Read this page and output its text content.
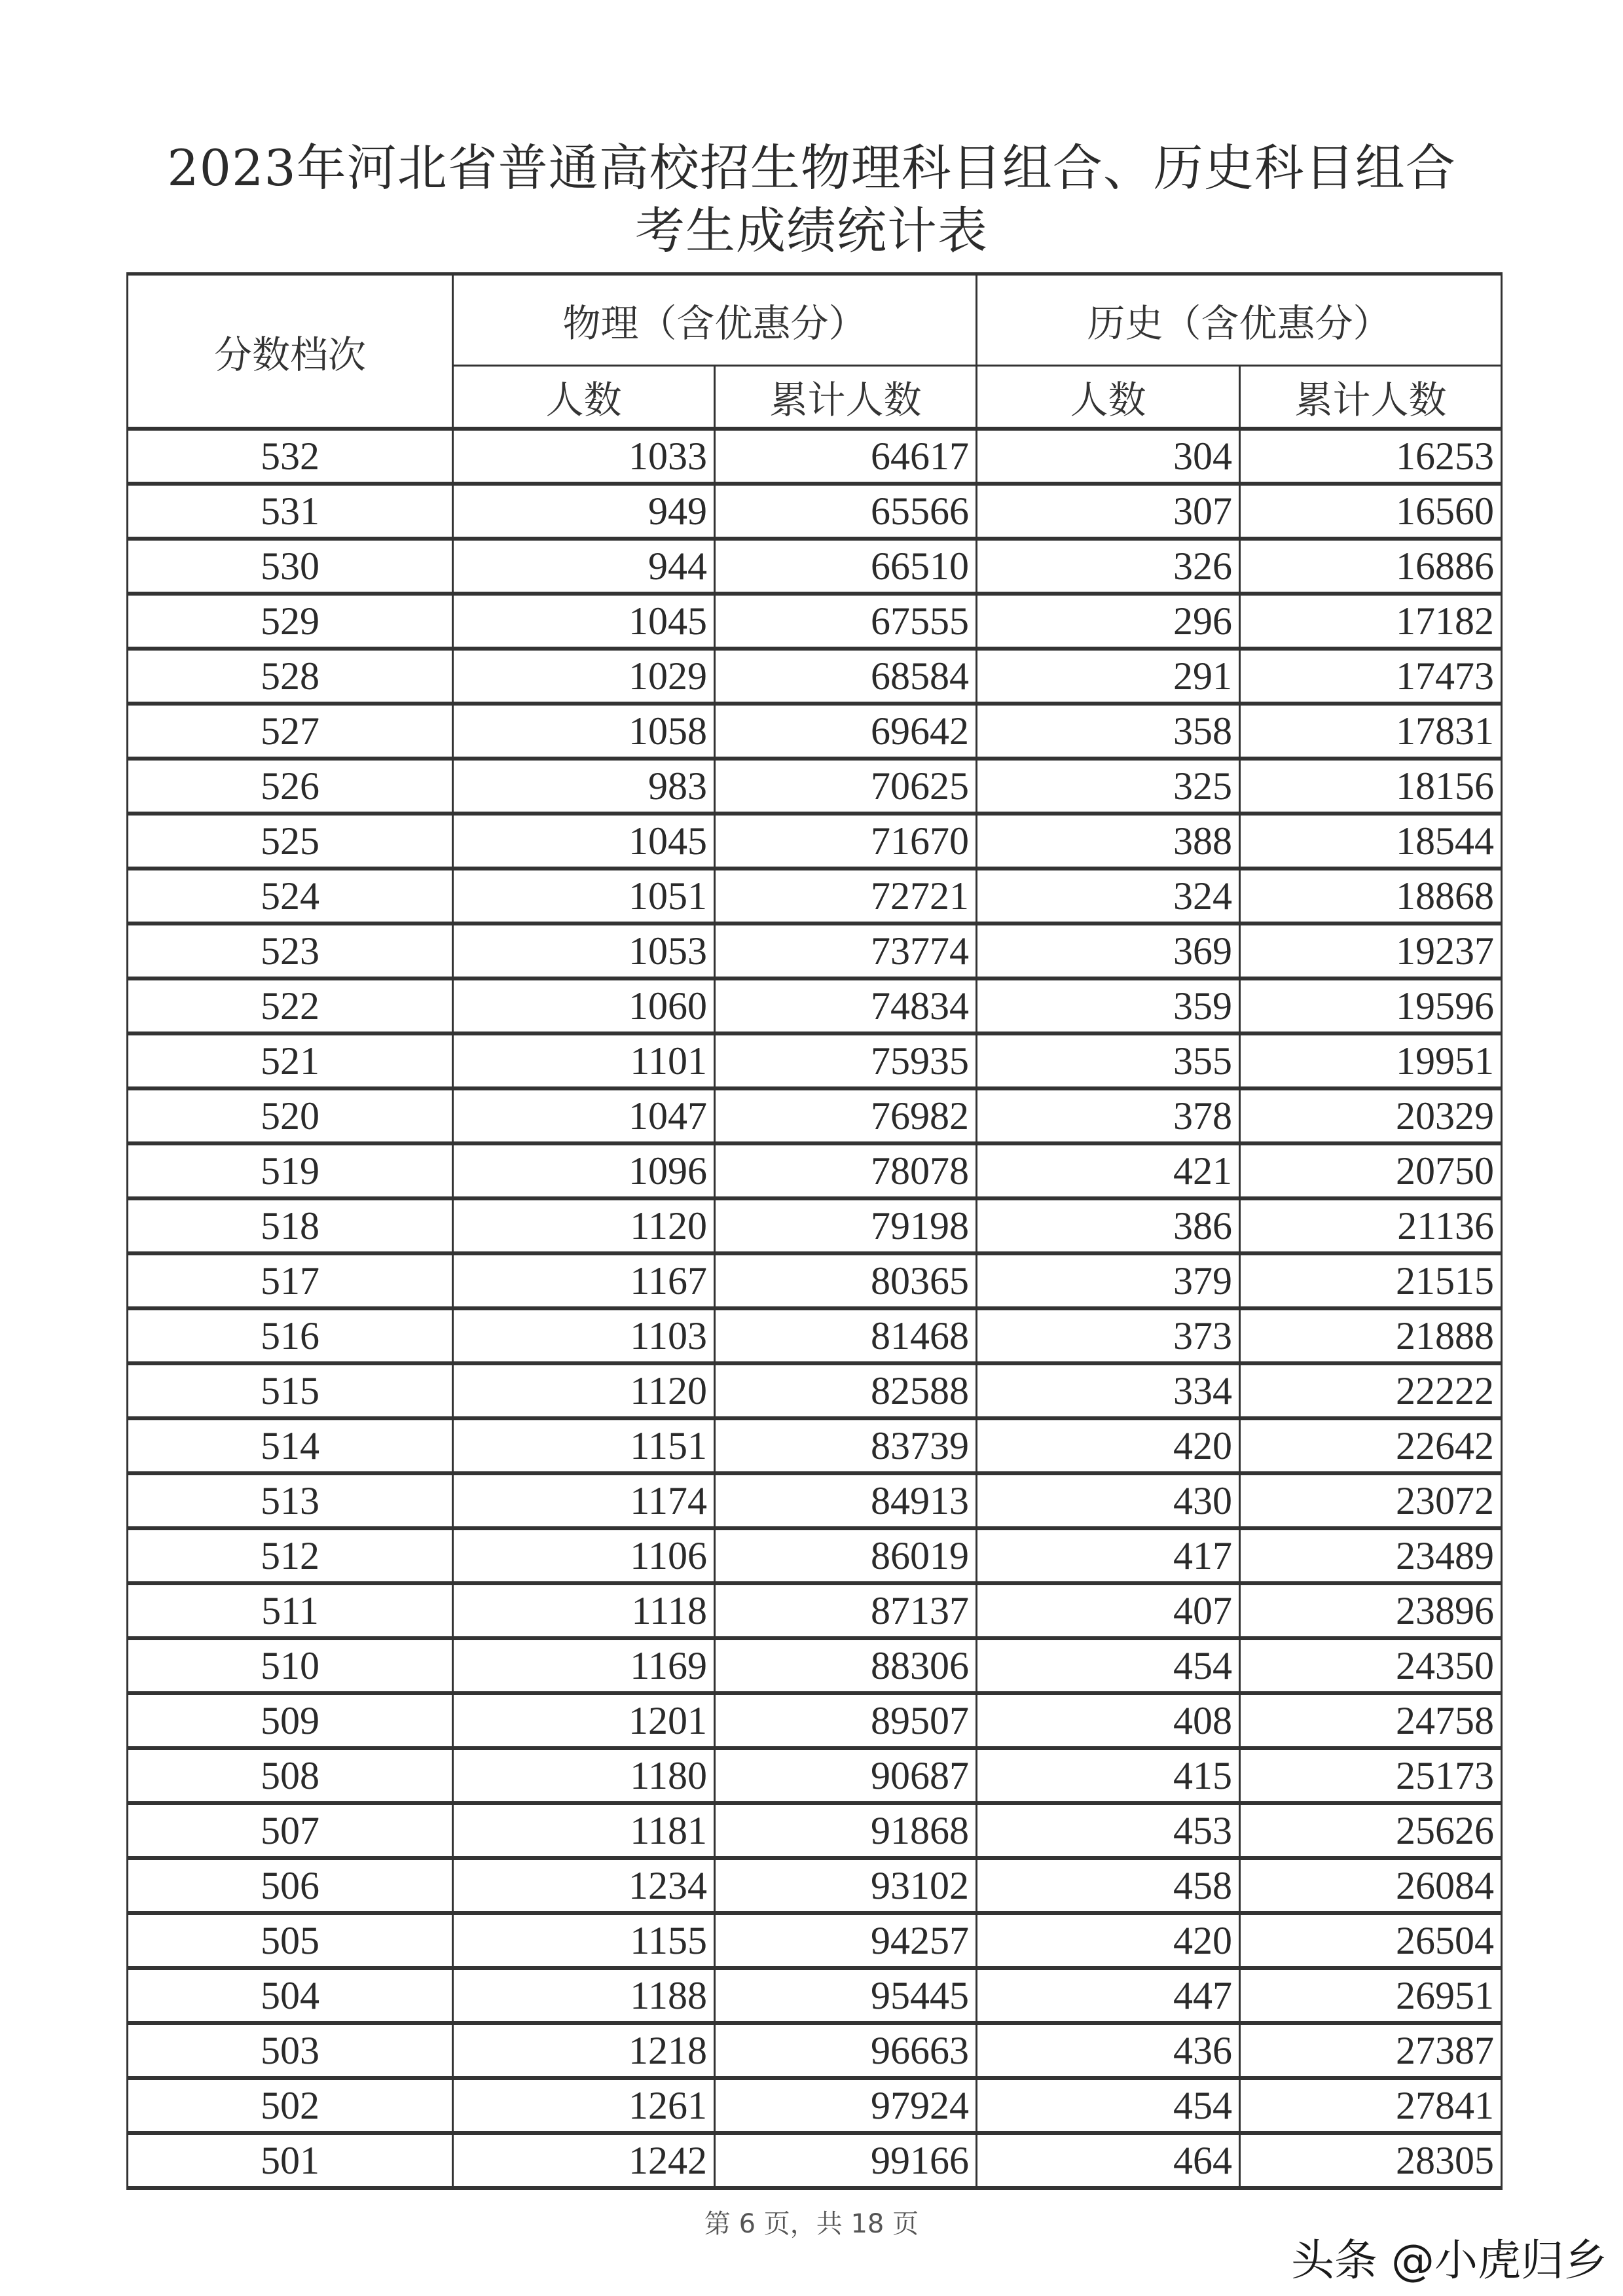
2023年河北省普通高校招生物理科目组合、历史科目组合
考生成绩统计表
分数档次	物理（含优惠分）		历史（含优惠分）	
	人数	累计人数	人数	累计人数
532	1033	64617	304	16253
531	949	65566	307	16560
530	944	66510	326	16886
529	1045	67555	296	17182
528	1029	68584	291	17473
527	1058	69642	358	17831
526	983	70625	325	18156
525	1045	71670	388	18544
524	1051	72721	324	18868
523	1053	73774	369	19237
522	1060	74834	359	19596
521	1101	75935	355	19951
520	1047	76982	378	20329
519	1096	78078	421	20750
518	1120	79198	386	21136
517	1167	80365	379	21515
516	1103	81468	373	21888
515	1120	82588	334	22222
514	1151	83739	420	22642
513	1174	84913	430	23072
512	1106	86019	417	23489
511	1118	87137	407	23896
510	1169	88306	454	24350
509	1201	89507	408	24758
508	1180	90687	415	25173
507	1181	91868	453	25626
506	1234	93102	458	26084
505	1155	94257	420	26504
504	1188	95445	447	26951
503	1218	96663	436	27387
502	1261	97924	454	27841
501	1242	99166	464	28305
第 6 页，共 18 页
头条 @小虎归乡
